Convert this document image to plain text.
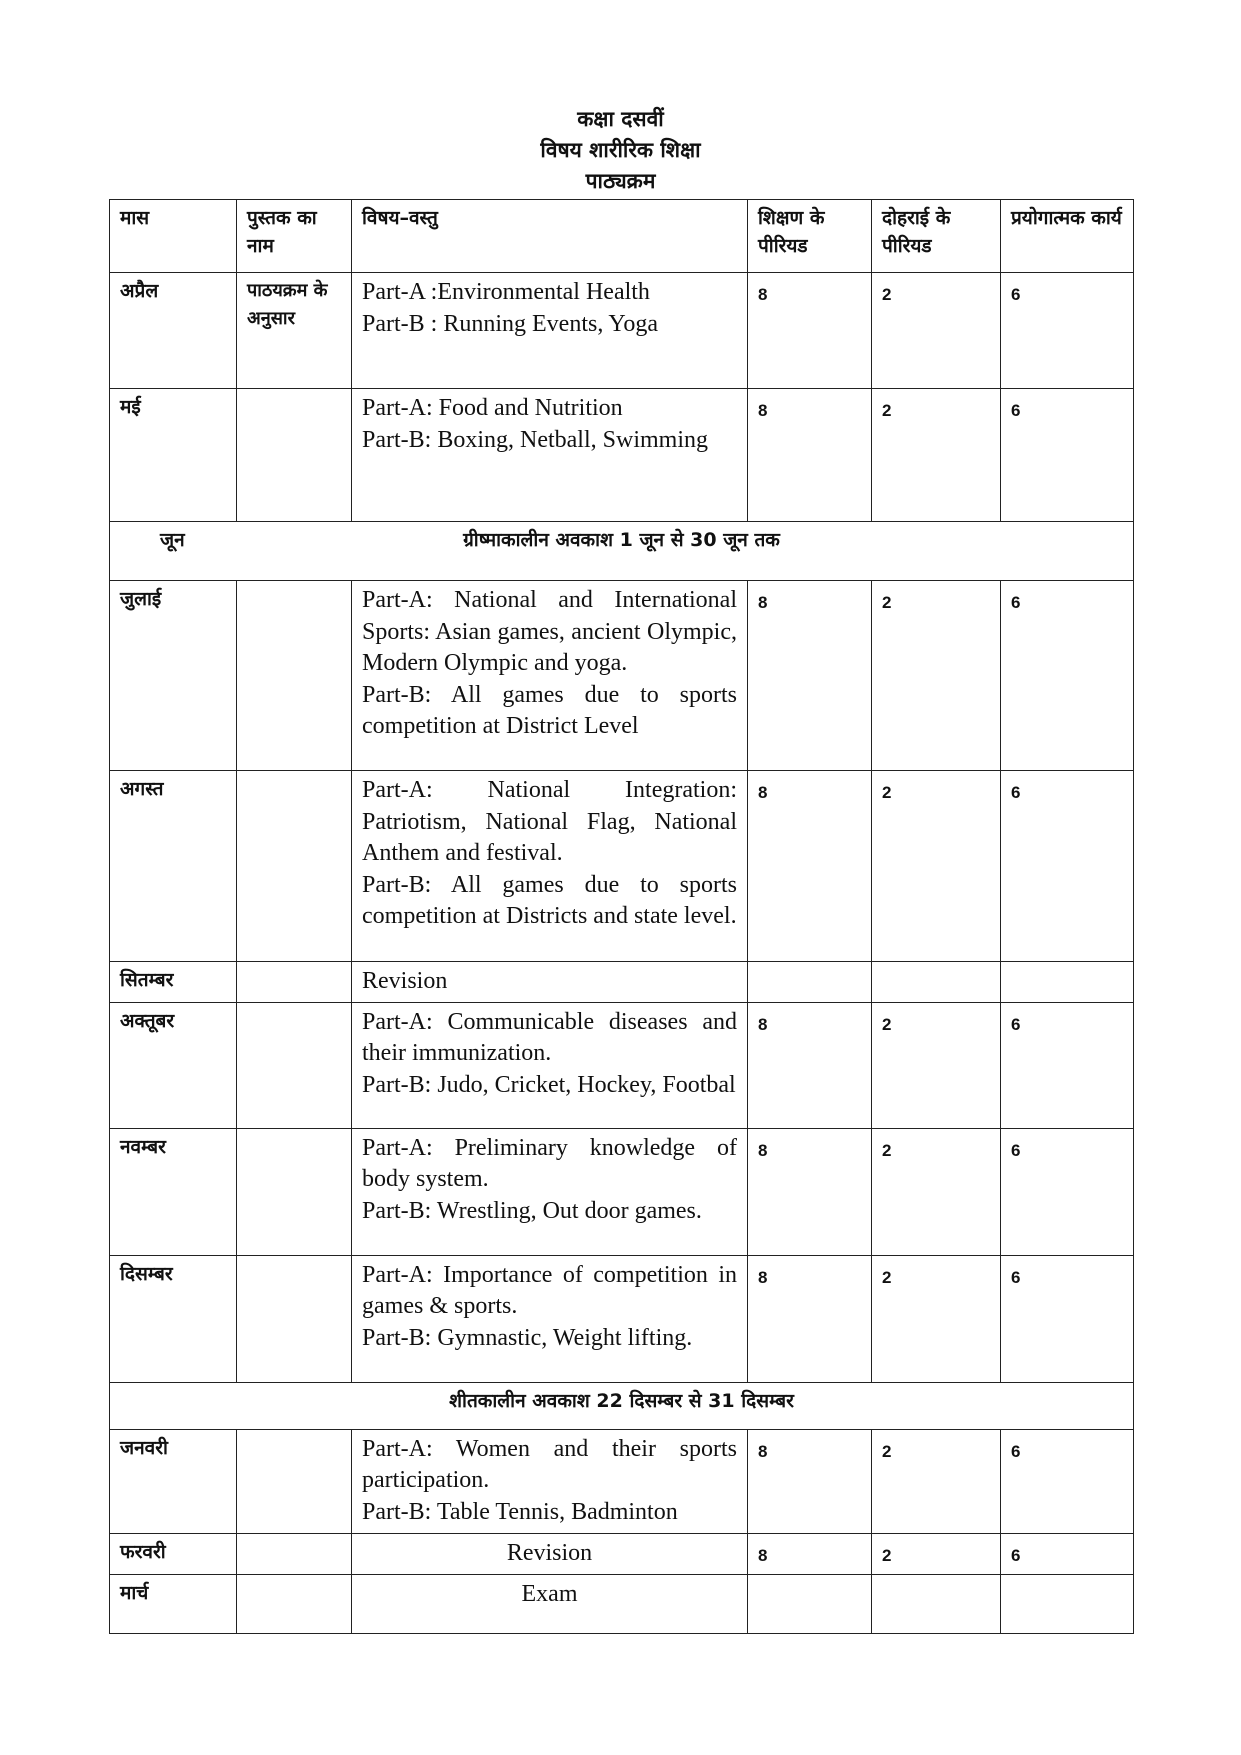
कक्षा दसवीं
विषय शारीरिक शिक्षा
पाठ्यक्रम
मास	पुस्तक का नाम	विषय–वस्तु	शिक्षण के पीरियड	दोहराई के पीरियड	प्रयोगात्मक कार्य
अप्रैल	पाठयक्रम के अनुसार	Part-A :Environmental Health

Part-B : Running Events, Yoga	8	2	6
मई		Part-A: Food and Nutrition

Part-B: Boxing, Netball, Swimming	8	2	6

जून ग्रीष्माकालीन अवकाश 1 जून से 30 जून तक					

जुलाई		Part-A: National and International Sports: Asian games, ancient Olympic, Modern Olympic and yoga.

Part-B: All games due to sports competition at District Level	8	2	6
अगस्त		Part-A: National Integration: Patriotism, National Flag, National Anthem and festival.

Part-B: All games due to sports competition at Districts and state level.	8	2	6
सितम्बर		Revision			

अक्तूबर		Part-A: Communicable diseases and their immunization.

Part-B: Judo, Cricket, Hockey, Footbal	8	2	6
नवम्बर		Part-A: Preliminary knowledge of body system.

Part-B: Wrestling, Out door games.	8	2	6
दिसम्बर		Part-A: Importance of competition in games & sports.

Part-B: Gymnastic, Weight lifting.	8	2	6

शीतकालीन अवकाश 22 दिसम्बर से 31 दिसम्बर					

जनवरी		Part-A: Women and their sports participation.

Part-B: Table Tennis, Badminton	8	2	6
फरवरी		Revision	8	2	6
मार्च		Exam			
